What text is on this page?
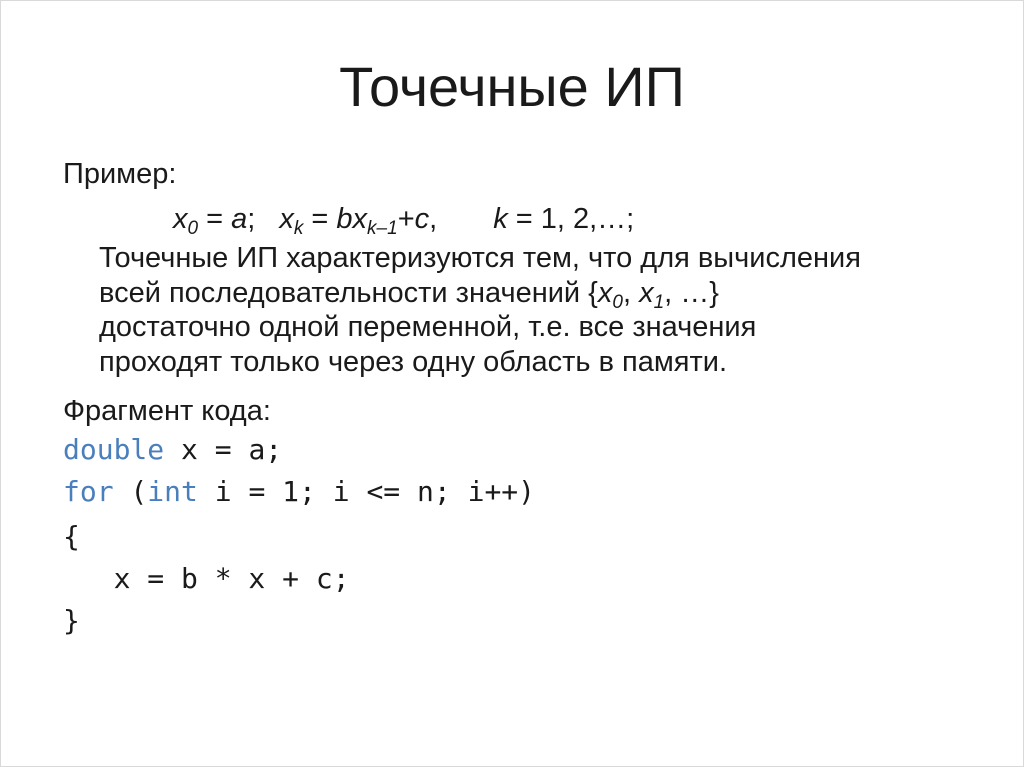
Точечные ИП
Пример:
$x_0 = a$; $x_k = bx_{k-1}+c$, k = 1, 2,…;
Точечные ИП характеризуются тем, что для вычисления
всей последовательности значений {$x_0$, $x_1$, …}
достаточно одной переменной, т.е. все значения
проходят только через одну область в памяти.
Фрагмент кода:
double x = a;
for (int i = 1; i <= n; i++)
{
x = b * x + c;
}
